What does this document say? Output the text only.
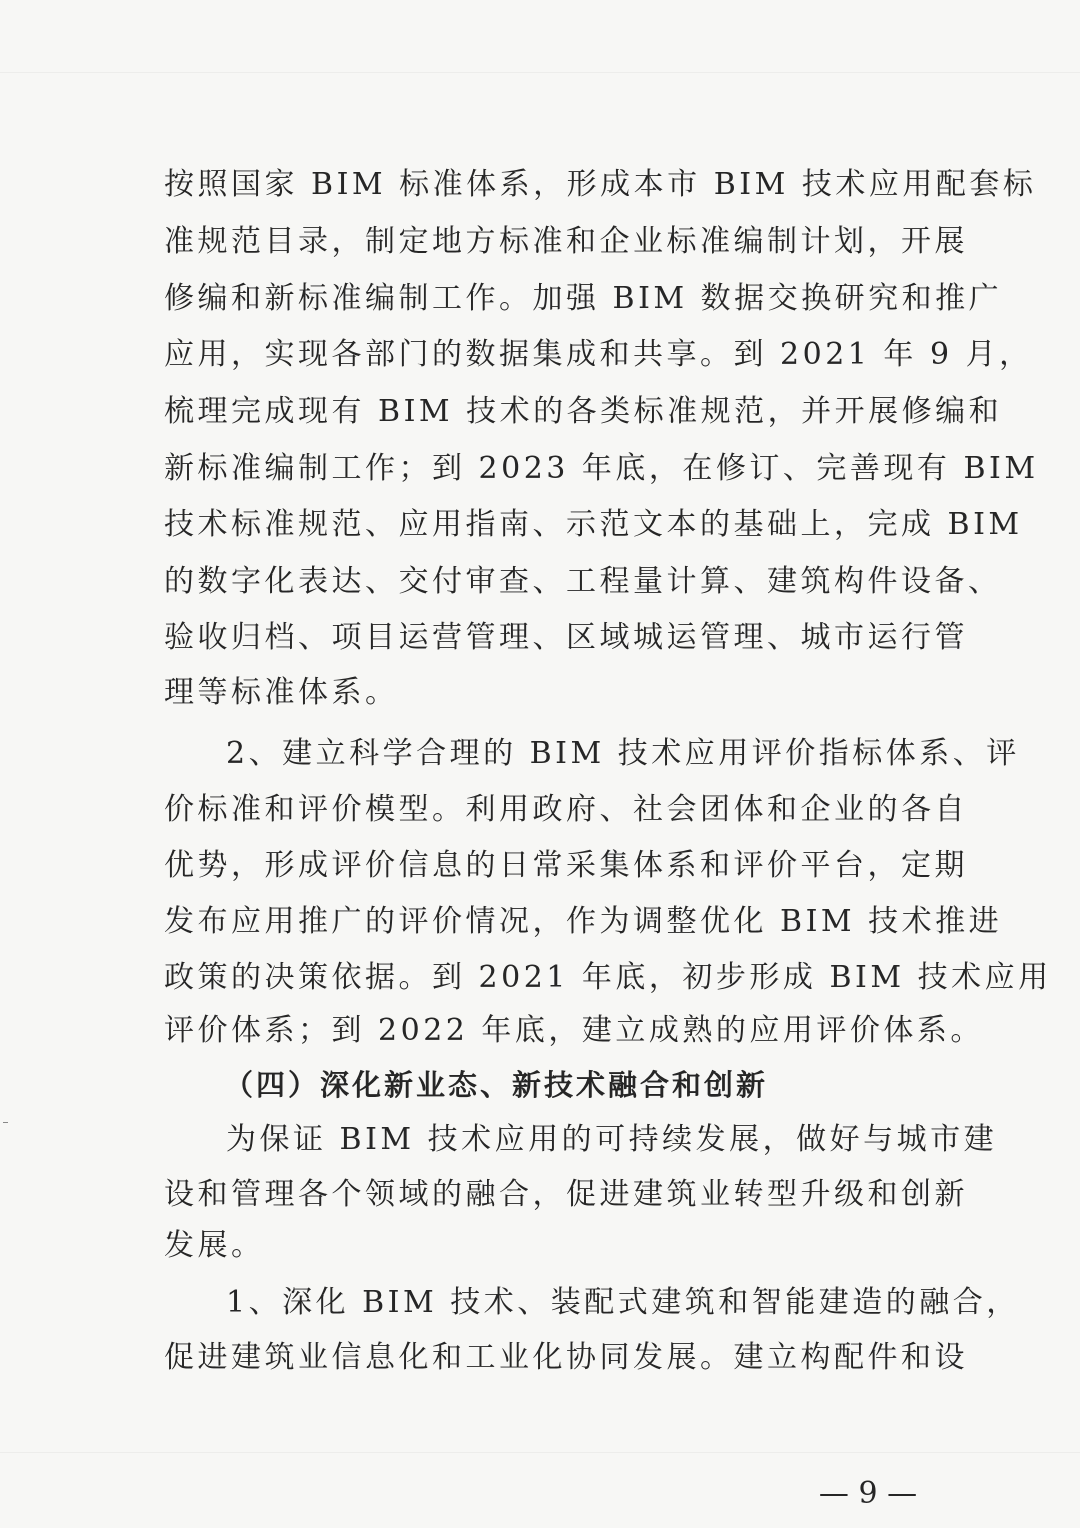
按照国家 BIM 标准体系，形成本市 BIM 技术应用配套标
准规范目录，制定地方标准和企业标准编制计划，开展
修编和新标准编制工作。加强 BIM 数据交换研究和推广
应用，实现各部门的数据集成和共享。到 2021 年 9 月，
梳理完成现有 BIM 技术的各类标准规范，并开展修编和
新标准编制工作；到 2023 年底，在修订、完善现有 BIM
技术标准规范、应用指南、示范文本的基础上，完成 BIM
的数字化表达、交付审查、工程量计算、建筑构件设备、
验收归档、项目运营管理、区域城运管理、城市运行管
理等标准体系。
2、建立科学合理的 BIM 技术应用评价指标体系、评
价标准和评价模型。利用政府、社会团体和企业的各自
优势，形成评价信息的日常采集体系和评价平台，定期
发布应用推广的评价情况，作为调整优化 BIM 技术推进
政策的决策依据。到 2021 年底，初步形成 BIM 技术应用
评价体系；到 2022 年底，建立成熟的应用评价体系。
（四）深化新业态、新技术融合和创新
为保证 BIM 技术应用的可持续发展，做好与城市建
设和管理各个领域的融合，促进建筑业转型升级和创新
发展。
1、深化 BIM 技术、装配式建筑和智能建造的融合，
促进建筑业信息化和工业化协同发展。建立构配件和设
— 9 —
